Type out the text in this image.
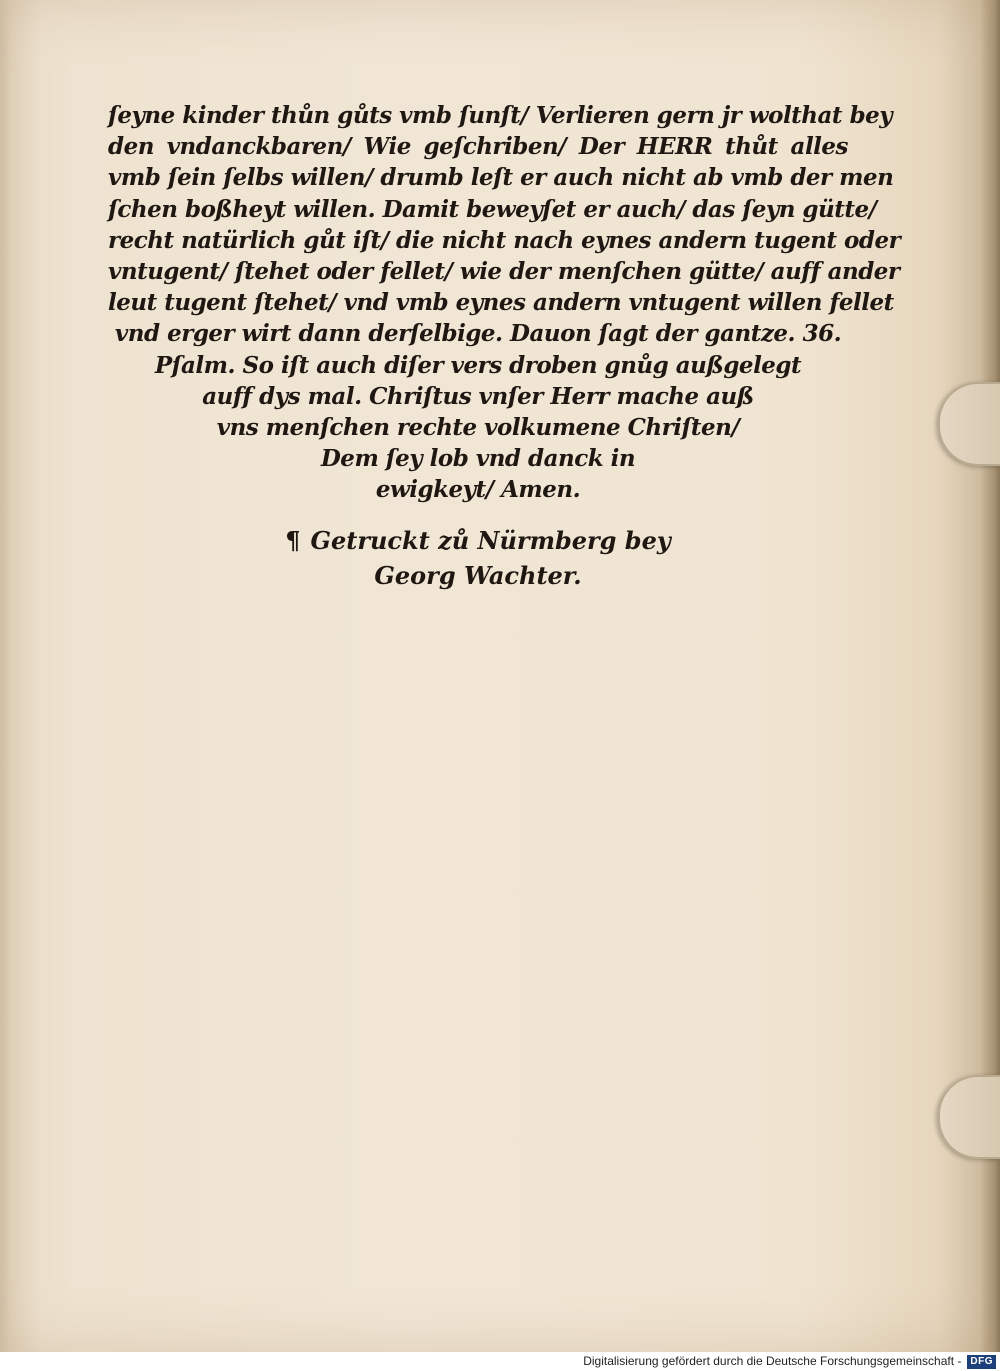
ſeyne kinder thůn gůts vmb ſunſt/ Verlieren gern jr wolthat bey
den vndanckbaren/ Wie geſchriben/ Der HERR thůt alles
vmb ſein ſelbs willen/ drumb leſt er auch nicht ab vmb der men
ſchen boßheyt willen. Damit beweyſet er auch/ das ſeyn gütte/
recht natürlich gůt iſt/ die nicht nach eynes andern tugent oder
vntugent/ ſtehet oder fellet/ wie der menſchen gütte/ auff ander
leut tugent ſtehet/ vnd vmb eynes andern vntugent willen fellet
vnd erger wirt dann derſelbige. Dauon ſagt der gantze. 36.
Pſalm. So iſt auch diſer vers droben gnůg außgelegt
auff dys mal. Chriſtus vnſer Herr mache auß
vns menſchen rechte volkumene Chriſten/
Dem ſey lob vnd danck in
ewigkeyt/ Amen.
¶ Getruckt zů Nürmberg bey
Georg Wachter.
Digitalisierung gefördert durch die Deutsche Forschungsgemeinschaft - DFG
